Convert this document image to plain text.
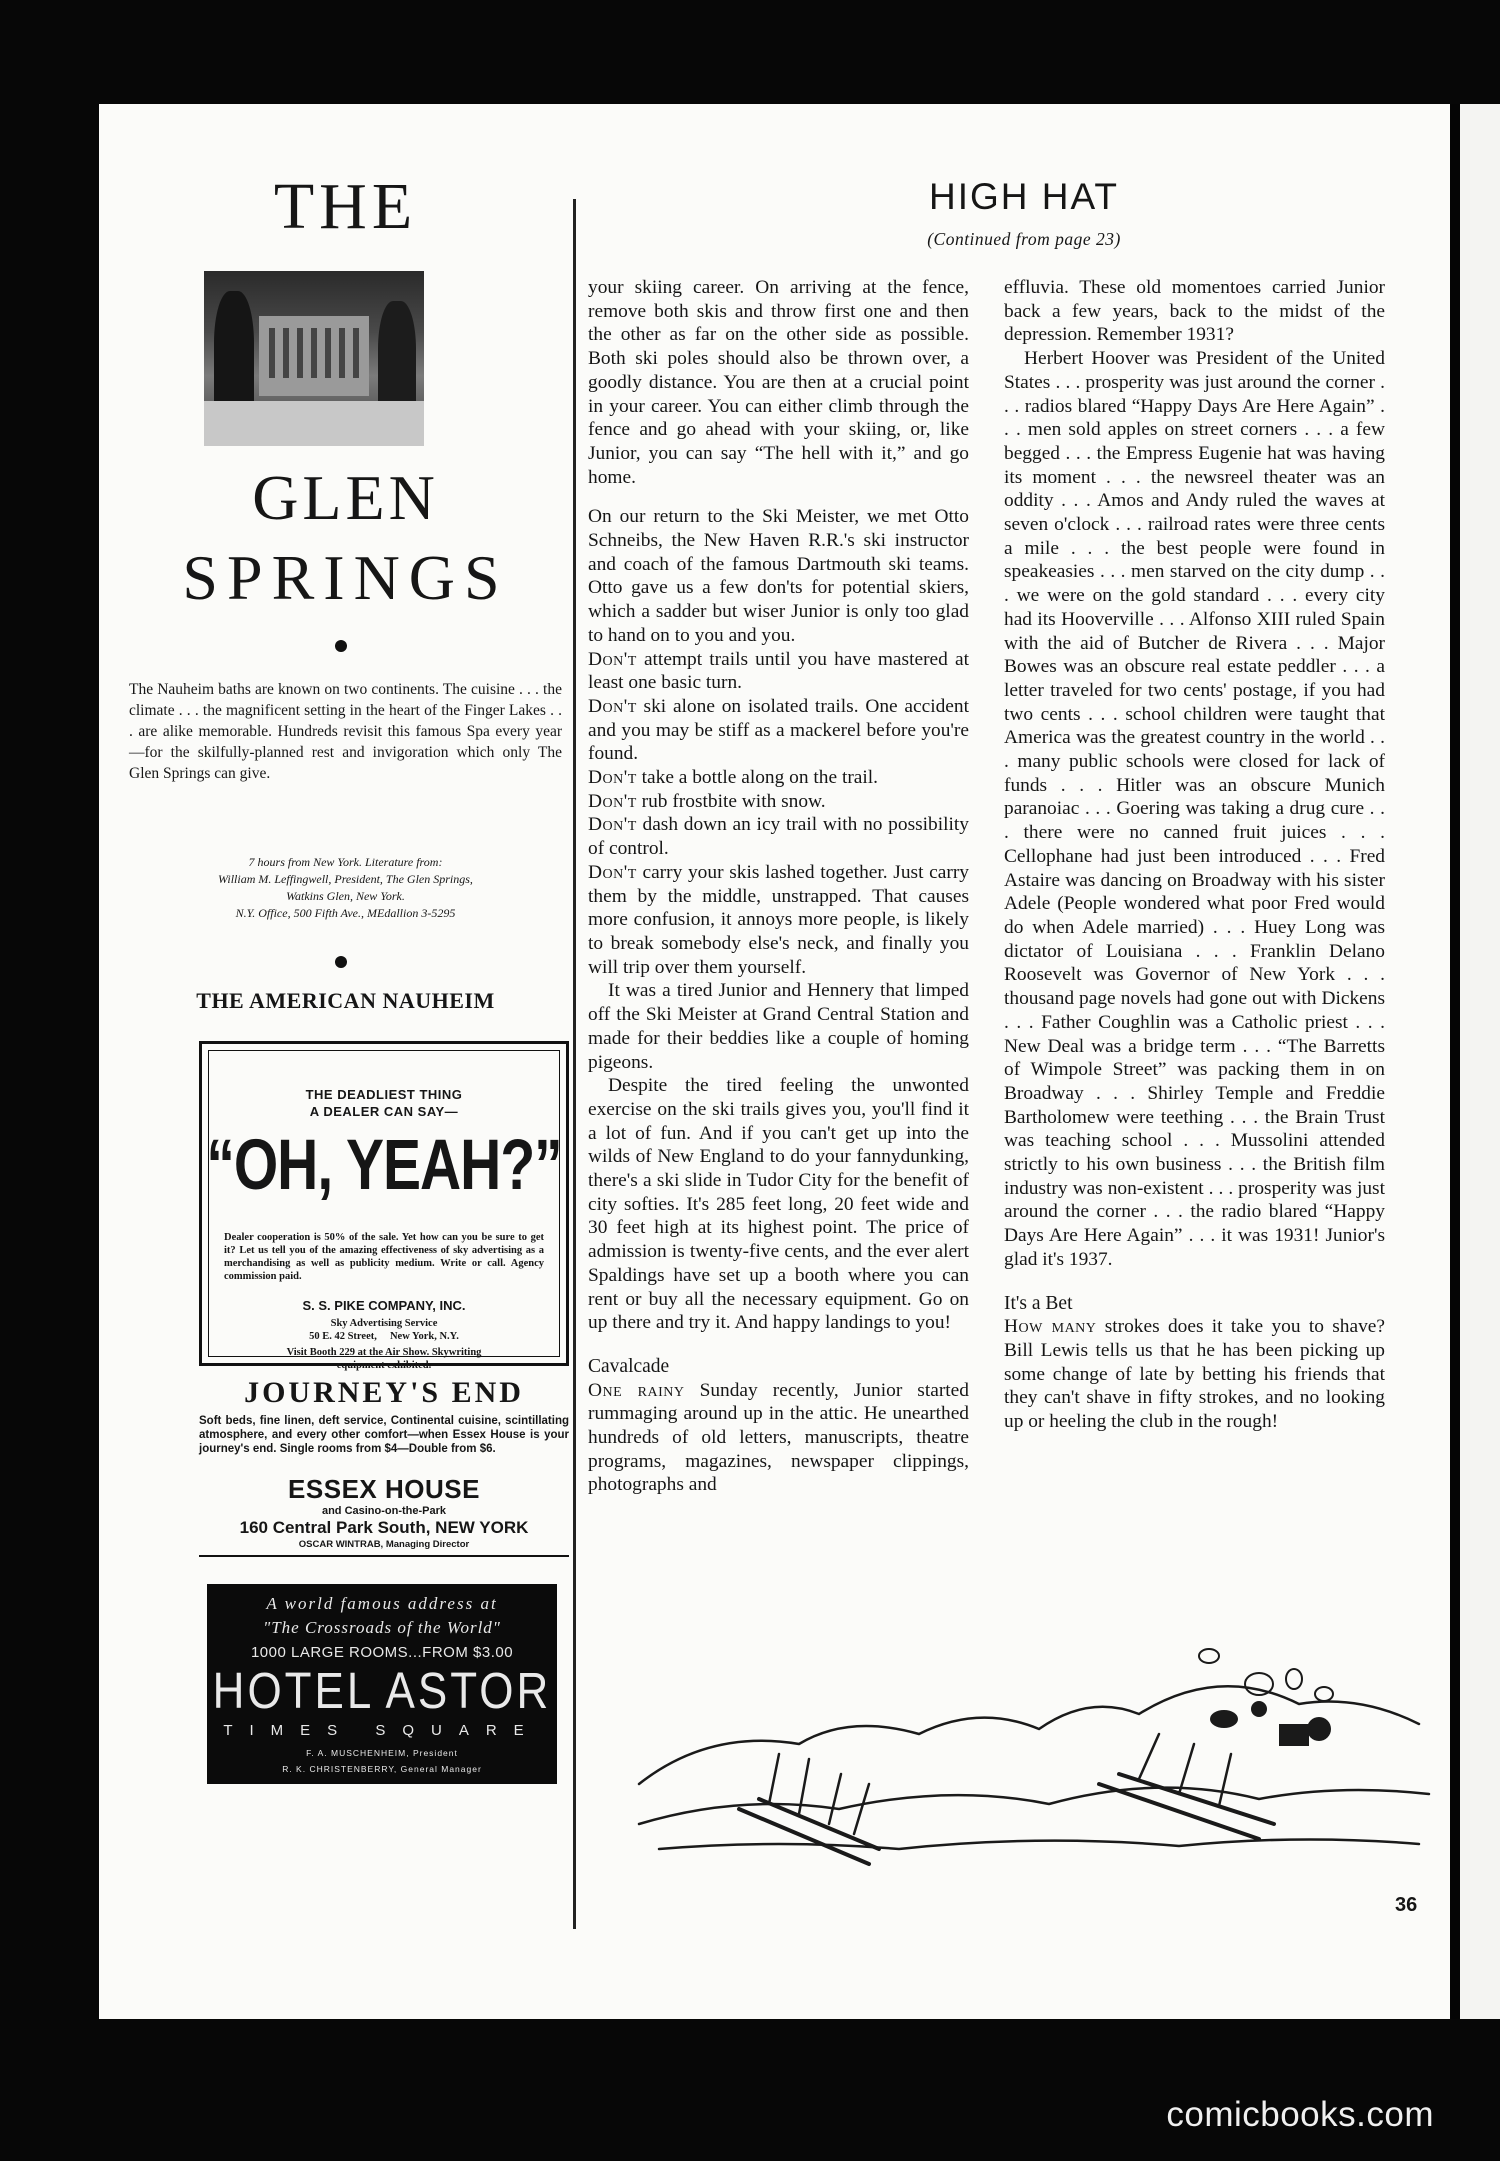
THE
GLEN
SPRINGS
The Nauheim baths are known on two continents. The cuisine . . . the climate . . . the magnificent setting in the heart of the Finger Lakes . . . are alike memorable. Hundreds revisit this famous Spa every year —for the skilfully-planned rest and invigoration which only The Glen Springs can give.
7 hours from New York. Literature from:
William M. Leffingwell, President, The Glen Springs,
Watkins Glen, New York.
N.Y. Office, 500 Fifth Ave., MEdallion 3-5295
THE AMERICAN NAUHEIM
THE DEADLIEST THING
A DEALER CAN SAY—
“OH, YEAH?”
Dealer cooperation is 50% of the sale. Yet how can you be sure to get it? Let us tell you of the amazing effectiveness of sky advertising as a merchandising as well as publicity medium. Write or call. Agency commission paid.
S. S. PIKE COMPANY, INC.
Sky Advertising Service
50 E. 42 Street,     New York, N.Y.
Visit Booth 229 at the Air Show. Skywriting
equipment exhibited.
JOURNEY'S END
Soft beds, fine linen, deft service, Continental cuisine, scintillating atmosphere, and every other comfort—when Essex House is your journey's end. Single rooms from $4—Double from $6.
ESSEX HOUSE
and Casino-on-the-Park
160 Central Park South, NEW YORK
OSCAR WINTRAB, Managing Director
A world famous address at
"The Crossroads of the World"
1000 LARGE ROOMS...FROM $3.00
HOTEL ASTOR
TIMES SQUARE
F. A. MUSCHENHEIM, President
R. K. CHRISTENBERRY, General Manager
HIGH HAT
(Continued from page 23)

your skiing career. On arriving at the fence, remove both skis and throw first one and then the other as far on the other side as possible. Both ski poles should also be thrown over, a goodly distance. You are then at a crucial point in your career. You can either climb through the fence and go ahead with your skiing, or, like Junior, you can say “The hell with it,” and go home.

On our return to the Ski Meister, we met Otto Schneibs, the New Haven R.R.'s ski instructor and coach of the famous Dartmouth ski teams. Otto gave us a few don'ts for potential skiers, which a sadder but wiser Junior is only too glad to hand on to you and you.

Don't attempt trails until you have mastered at least one basic turn.

Don't ski alone on isolated trails. One accident and you may be stiff as a mackerel before you're found.

Don't take a bottle along on the trail.

Don't rub frostbite with snow.

Don't dash down an icy trail with no possibility of control.

Don't carry your skis lashed together. Just carry them by the middle, unstrapped. That causes more confusion, it annoys more people, is likely to break somebody else's neck, and finally you will trip over them yourself.

It was a tired Junior and Hennery that limped off the Ski Meister at Grand Central Station and made for their beddies like a couple of homing pigeons.

Despite the tired feeling the unwonted exercise on the ski trails gives you, you'll find it a lot of fun. And if you can't get up into the wilds of New England to do your fannydunking, there's a ski slide in Tudor City for the benefit of city softies. It's 285 feet long, 20 feet wide and 30 feet high at its highest point. The price of admission is twenty-five cents, and the ever alert Spaldings have set up a booth where you can rent or buy all the necessary equipment. Go on up there and try it. And happy landings to you!

Cavalcade

One rainy Sunday recently, Junior started rummaging around up in the attic. He unearthed hundreds of old letters, manuscripts, theatre programs, magazines, newspaper clippings, photographs and

effluvia. These old momentoes carried Junior back a few years, back to the midst of the depression. Remember 1931?

Herbert Hoover was President of the United States . . . prosperity was just around the corner . . . radios blared “Happy Days Are Here Again” . . . men sold apples on street corners . . . a few begged . . . the Empress Eugenie hat was having its moment . . . the newsreel theater was an oddity . . . Amos and Andy ruled the waves at seven o'clock . . . railroad rates were three cents a mile . . . the best people were found in speakeasies . . . men starved on the city dump . . . we were on the gold standard . . . every city had its Hooverville . . . Alfonso XIII ruled Spain with the aid of Butcher de Rivera . . . Major Bowes was an obscure real estate peddler . . . a letter traveled for two cents' postage, if you had two cents . . . school children were taught that America was the greatest country in the world . . . many public schools were closed for lack of funds . . . Hitler was an obscure Munich paranoiac . . . Goering was taking a drug cure . . . there were no canned fruit juices . . . Cellophane had just been introduced . . . Fred Astaire was dancing on Broadway with his sister Adele (People wondered what poor Fred would do when Adele married) . . . Huey Long was dictator of Louisiana . . . Franklin Delano Roosevelt was Governor of New York . . . thousand page novels had gone out with Dickens . . . Father Coughlin was a Catholic priest . . . New Deal was a bridge term . . . “The Barretts of Wimpole Street” was packing them in on Broadway . . . Shirley Temple and Freddie Bartholomew were teething . . . the Brain Trust was teaching school . . . Mussolini attended strictly to his own business . . . the British film industry was non-existent . . . prosperity was just around the corner . . . the radio blared “Happy Days Are Here Again” . . . it was 1931! Junior's glad it's 1937.

It's a Bet

How many strokes does it take you to shave? Bill Lewis tells us that he has been picking up some change of late by betting his friends that they can't shave in fifty strokes, and no looking up or heeling the club in the rough!

36
comicbooks.com
